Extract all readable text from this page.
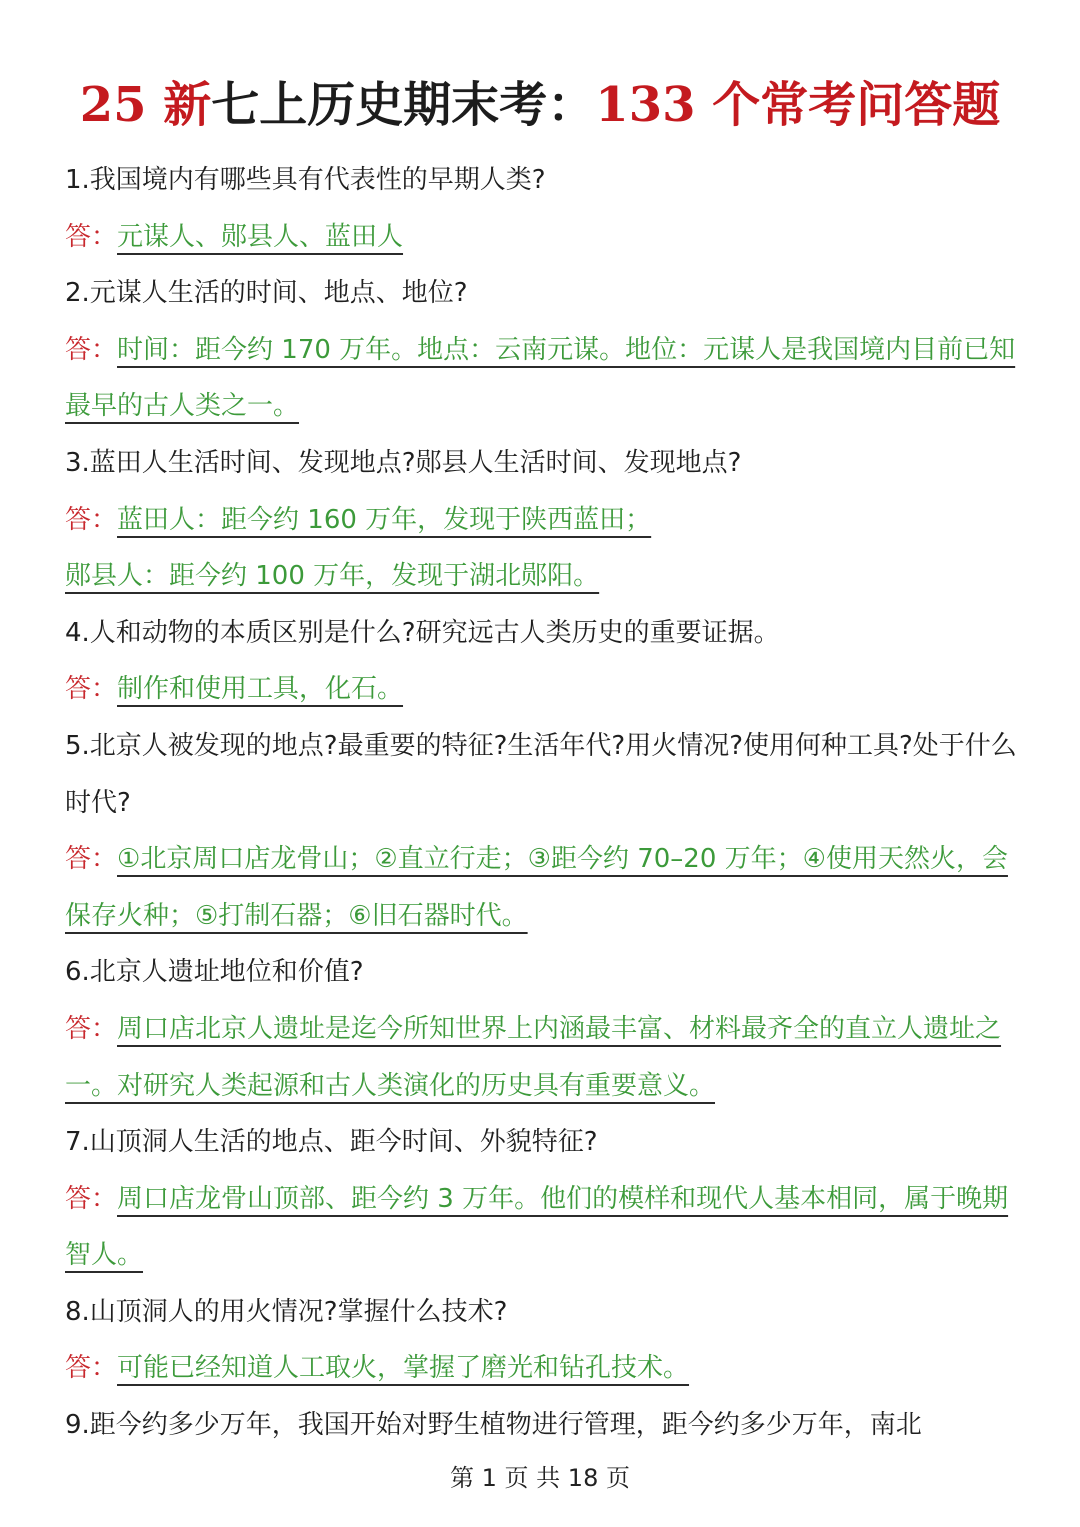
25 新七上历史期末考：133 个常考问答题

1.我国境内有哪些具有代表性的早期人类?

答：元谋人、郧县人、蓝田人

2.元谋人生活的时间、地点、地位?

答：时间：距今约 170 万年。地点：云南元谋。地位：元谋人是我国境内目前已知最早的古人类之一。

3.蓝田人生活时间、发现地点?郧县人生活时间、发现地点?

答：蓝田人：距今约 160 万年，发现于陕西蓝田；

郧县人：距今约 100 万年，发现于湖北郧阳。

4.人和动物的本质区别是什么?研究远古人类历史的重要证据。

答：制作和使用工具，化石。

5.北京人被发现的地点?最重要的特征?生活年代?用火情况?使用何种工具?处于什么时代?

答：①北京周口店龙骨山；②直立行走；③距今约 70–20 万年；④使用天然火，会保存火种；⑤打制石器；⑥旧石器时代。

6.北京人遗址地位和价值?

答：周口店北京人遗址是迄今所知世界上内涵最丰富、材料最齐全的直立人遗址之一。对研究人类起源和古人类演化的历史具有重要意义。

7.山顶洞人生活的地点、距今时间、外貌特征?

答：周口店龙骨山顶部、距今约 3 万年。他们的模样和现代人基本相同，属于晚期智人。

8.山顶洞人的用火情况?掌握什么技术?

答：可能已经知道人工取火，掌握了磨光和钻孔技术。

9.距今约多少万年，我国开始对野生植物进行管理，距今约多少万年，南北

第 1 页 共 18 页
